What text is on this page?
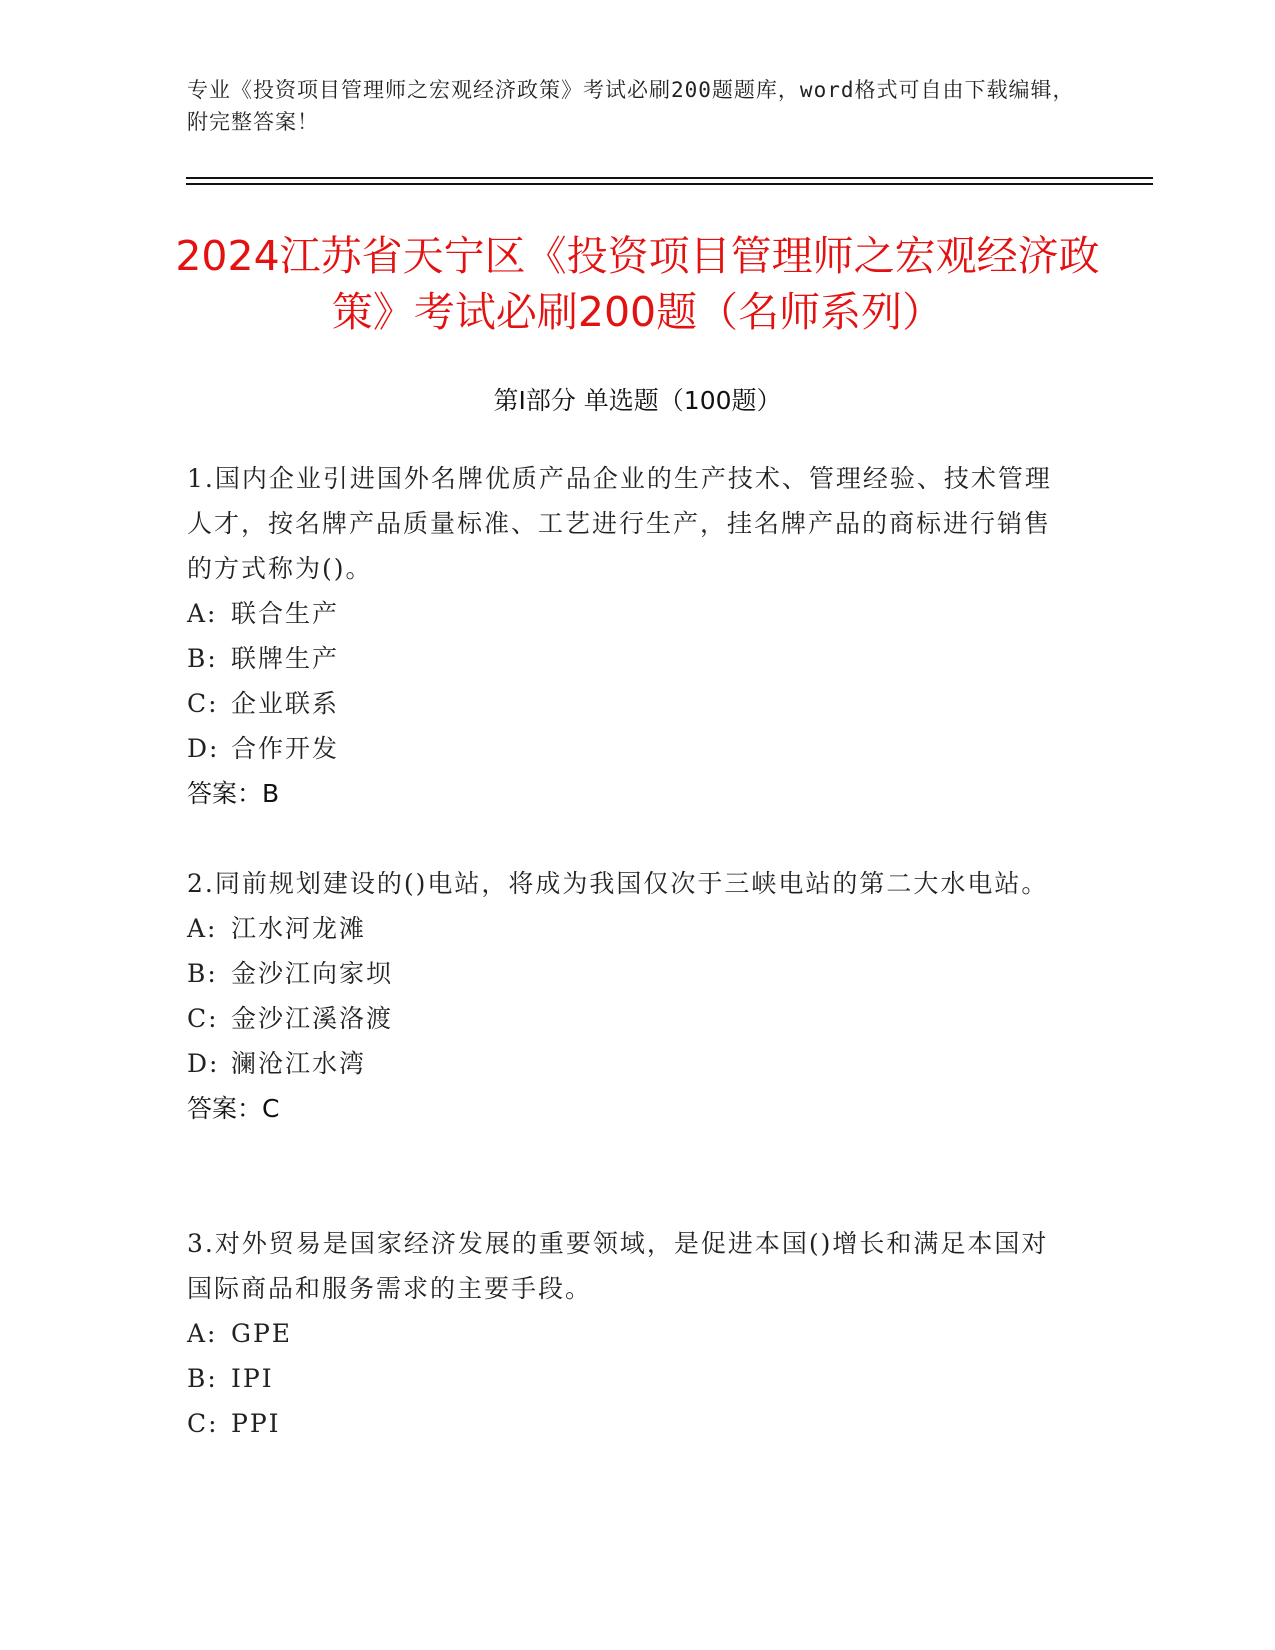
专业《投资项目管理师之宏观经济政策》考试必刷200题题库，word格式可自由下载编辑，附完整答案！
2024江苏省天宁区《投资项目管理师之宏观经济政策》考试必刷200题（名师系列）
第I部分 单选题（100题）

1.国内企业引进国外名牌优质产品企业的生产技术、管理经验、技术管理人才，按名牌产品质量标准、工艺进行生产，挂名牌产品的商标进行销售的方式称为()。

A: 联合生产

B: 联牌生产

C: 企业联系

D: 合作开发

答案：B

2.同前规划建设的()电站，将成为我国仅次于三峡电站的第二大水电站。

A: 江水河龙滩

B: 金沙江向家坝

C: 金沙江溪洛渡

D: 澜沧江水湾

答案：C

3.对外贸易是国家经济发展的重要领域，是促进本国()增长和满足本国对国际商品和服务需求的主要手段。

A: GPE

B: IPI

C: PPI
